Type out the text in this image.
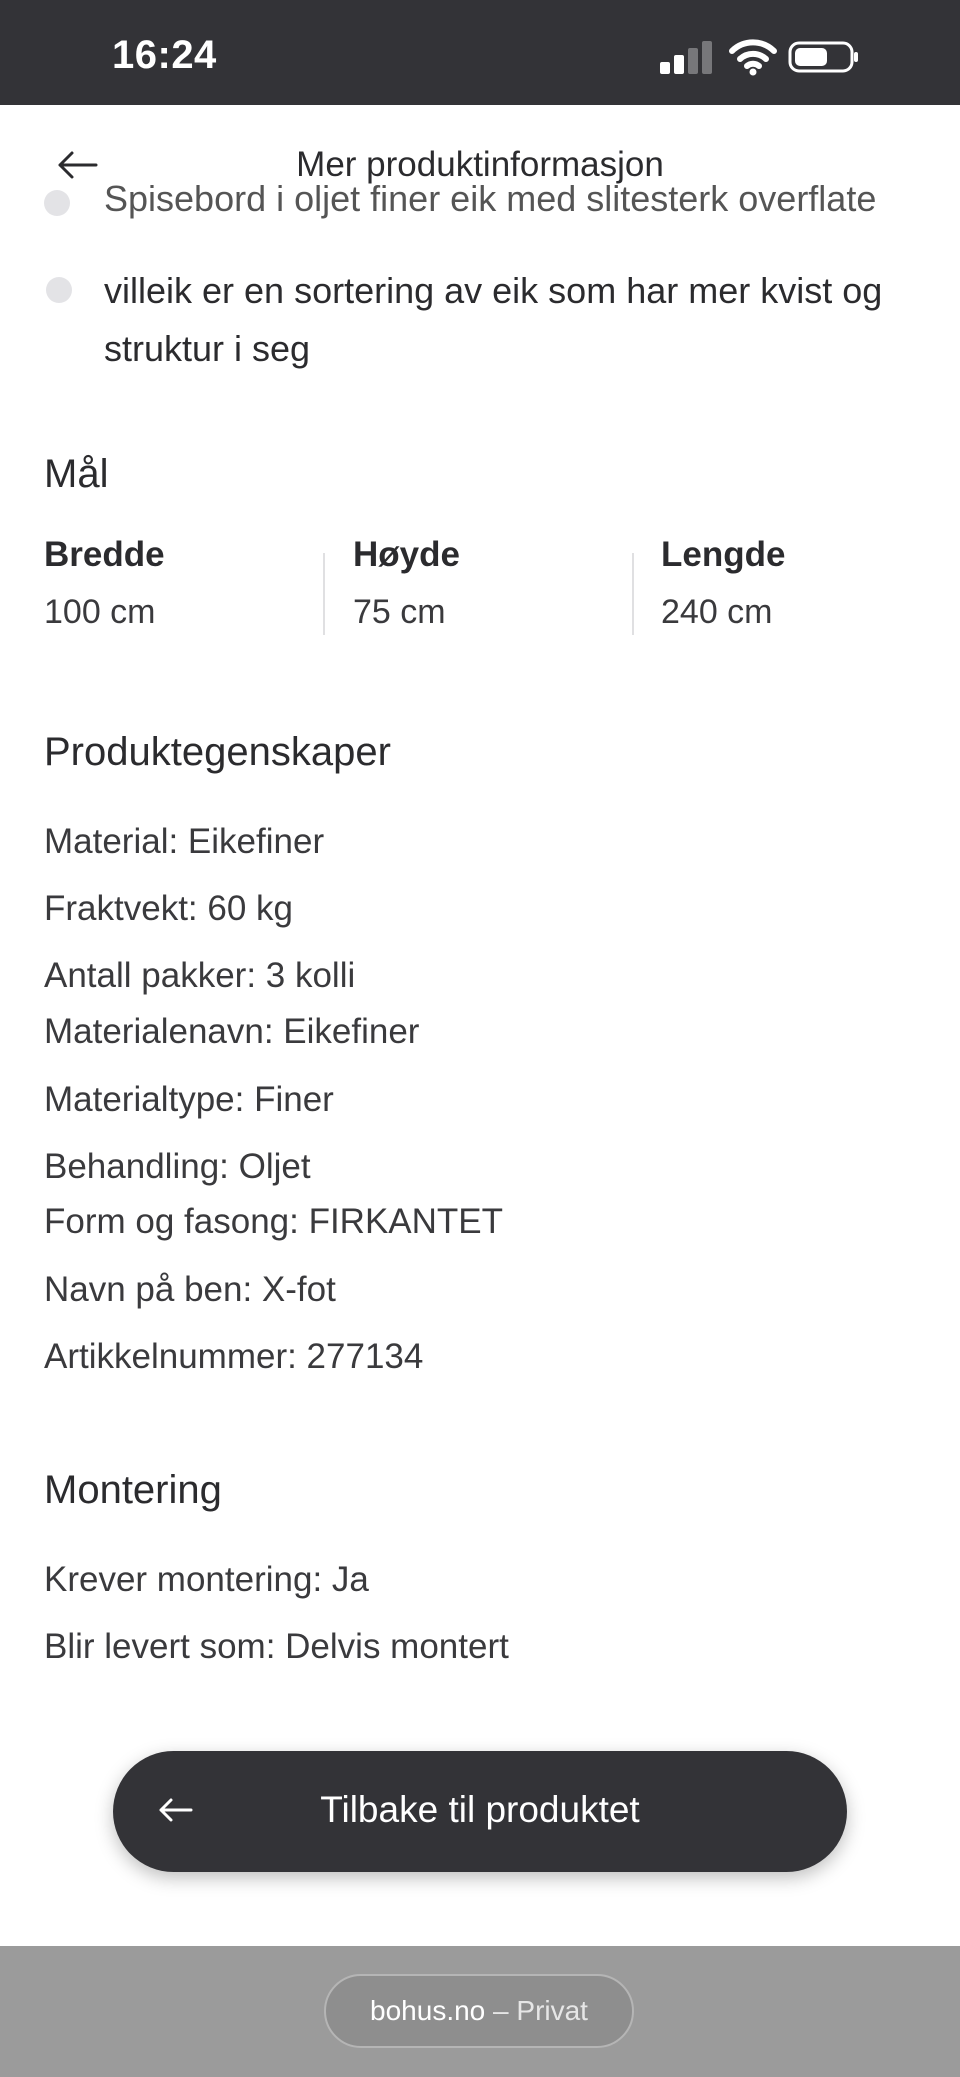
16:24
Mer produktinformasjon
Spisebord i oljet finer eik med slitesterk overflate
villeik er en sortering av eik som har mer kvist og
struktur i seg
Mål
Bredde
100 cm
Høyde
75 cm
Lengde
240 cm
Produktegenskaper
Material: Eikefiner
Fraktvekt: 60 kg
Antall pakker: 3 kolli
Materialenavn: Eikefiner
Materialtype: Finer
Behandling: Oljet
Form og fasong: FIRKANTET
Navn på ben: X-fot
Artikkelnummer: 277134
Montering
Krever montering: Ja
Blir levert som: Delvis montert
Tilbake til produktet
bohus.no – Privat
